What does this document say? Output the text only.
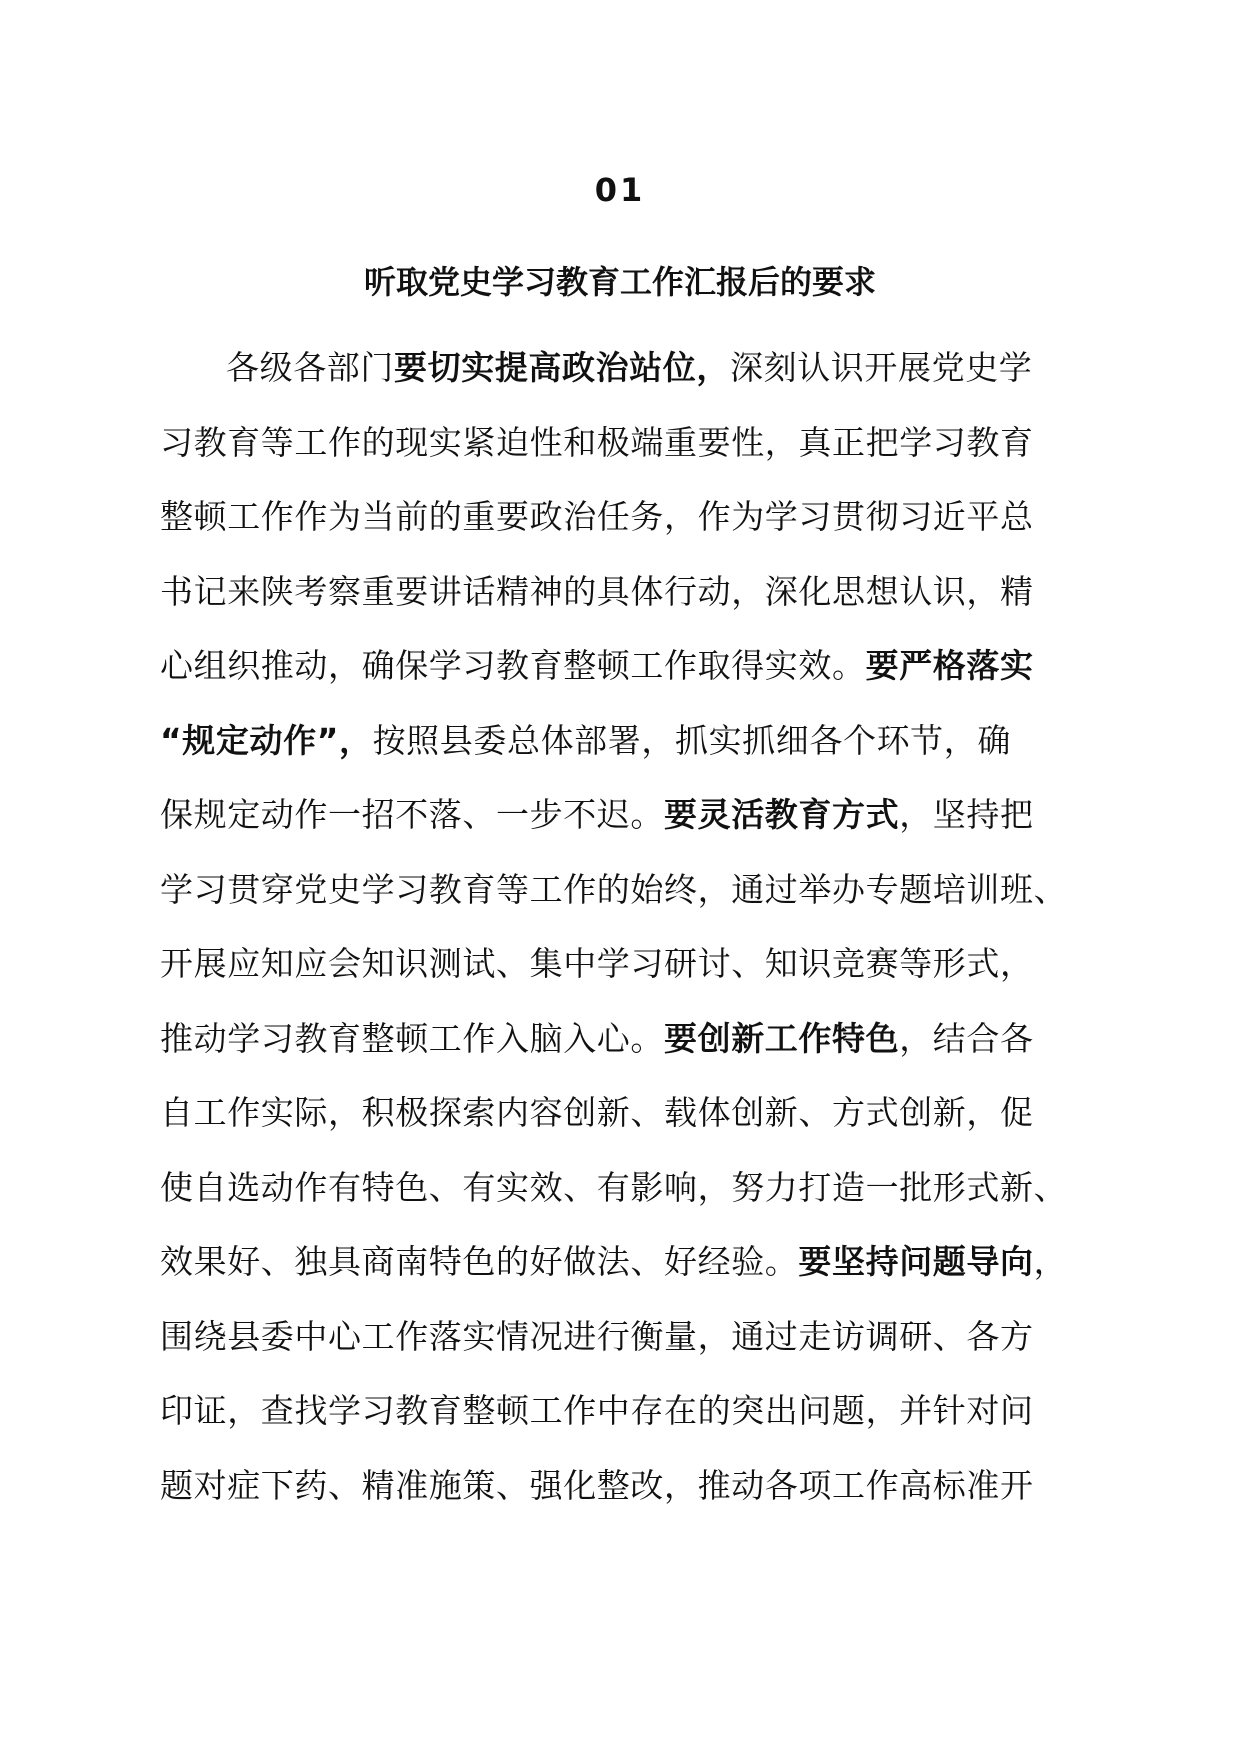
01
听取党史学习教育工作汇报后的要求
各级各部门要切实提高政治站位，深刻认识开展党史学
习教育等工作的现实紧迫性和极端重要性，真正把学习教育
整顿工作作为当前的重要政治任务，作为学习贯彻习近平总
书记来陕考察重要讲话精神的具体行动，深化思想认识，精
心组织推动，确保学习教育整顿工作取得实效。要严格落实
“规定动作”，按照县委总体部署，抓实抓细各个环节，确
保规定动作一招不落、一步不迟。要灵活教育方式，坚持把
学习贯穿党史学习教育等工作的始终，通过举办专题培训班、
开展应知应会知识测试、集中学习研讨、知识竞赛等形式，
推动学习教育整顿工作入脑入心。要创新工作特色，结合各
自工作实际，积极探索内容创新、载体创新、方式创新，促
使自选动作有特色、有实效、有影响，努力打造一批形式新、
效果好、独具商南特色的好做法、好经验。要坚持问题导向，
围绕县委中心工作落实情况进行衡量，通过走访调研、各方
印证，查找学习教育整顿工作中存在的突出问题，并针对问
题对症下药、精准施策、强化整改，推动各项工作高标准开
